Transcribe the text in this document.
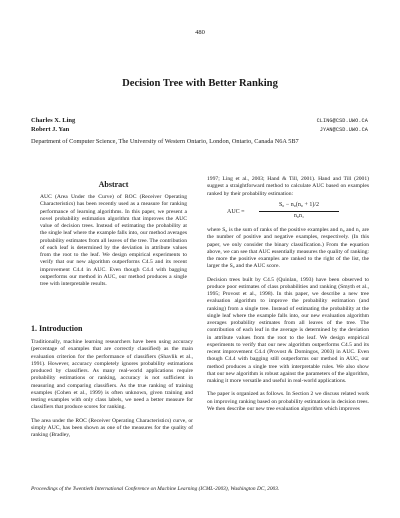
480
Decision Tree with Better Ranking
Charles X. Ling	CLING@CSD.UWO.CA
Robert J. Yan	JYAN@CSD.UWO.CA
Department of Computer Science, The University of Western Ontario, London, Ontario, Canada N6A 5B7
Abstract

AUC (Area Under the Curve) of ROC (Receiver Operating Characteristics) has been recently used as a measure for ranking performance of learning algorithms. In this paper, we present a novel probability estimation algorithm that improves the AUC value of decision trees. Instead of estimating the probability at the single leaf where the example falls into, our method averages probability estimates from all leaves of the tree. The contribution of each leaf is determined by the deviation in attribute values from the root to the leaf. We design empirical experiments to verify that our new algorithm outperforms C4.5 and its recent improvement C4.4 in AUC. Even though C4.4 with bagging outperforms our method in AUC, our method produces a single tree with interpretable results.

1. Introduction

Traditionally, machine learning researchers have been using accuracy (percentage of examples that are correctly classified) as the main evaluation criterion for the performance of classifiers (Shavlik et al., 1991). However, accuracy completely ignores probability estimations produced by classifiers. As many real-world applications require probability estimations or ranking, accuracy is not sufficient in measuring and comparing classifiers. As the true ranking of training examples (Cohen et al., 1999) is often unknown, given training and testing examples with only class labels, we need a better measure for classifiers that produce scores for ranking.

The area under the ROC (Receiver Operating Characteristics) curve, or simply AUC, has been shown as one of the measures for the quality of ranking (Bradley,

1997; Ling et al., 2003; Hand & Till, 2001). Hand and Till (2001) suggest a straightforward method to calculate AUC based on examples ranked by their probability estimation:

AUC =
S₀ − n₀(n₀ + 1)/2
n₀n₁

where S₀ is the sum of ranks of the positive examples and n₀ and n₁ are the number of positive and negative examples, respectively. (In this paper, we only consider the binary classification.) From the equation above, we can see that AUC essentially measures the quality of ranking: the more the positive examples are ranked to the right of the list, the larger the S₀ and the AUC score.

Decision trees built by C4.5 (Quinlan, 1993) have been observed to produce poor estimates of class probabilities and ranking (Smyth et al., 1995; Provost et al., 1998). In this paper, we describe a new tree evaluation algorithm to improve the probability estimation (and ranking) from a single tree. Instead of estimating the probability at the single leaf where the example falls into, our new evaluation algorithm averages probability estimates from all leaves of the tree. The contribution of each leaf in the average is determined by the deviation in attribute values from the root to the leaf. We design empirical experiments to verify that our new algorithm outperforms C4.5 and its recent improvement C4.4 (Provost & Domingos, 2003) in AUC. Even though C4.4 with bagging still outperforms our method in AUC, our method produces a single tree with interpretable rules. We also show that our new algorithm is robust against the parameters of the algorithm, making it more versatile and useful in real-world applications.

The paper is organized as follows. In Section 2 we discuss related work on improving ranking based on probability estimations in decision trees. We then describe our new tree evaluation algorithm which improves

Proceedings of the Twentieth International Conference on Machine Learning (ICML-2003), Washington DC, 2003.
